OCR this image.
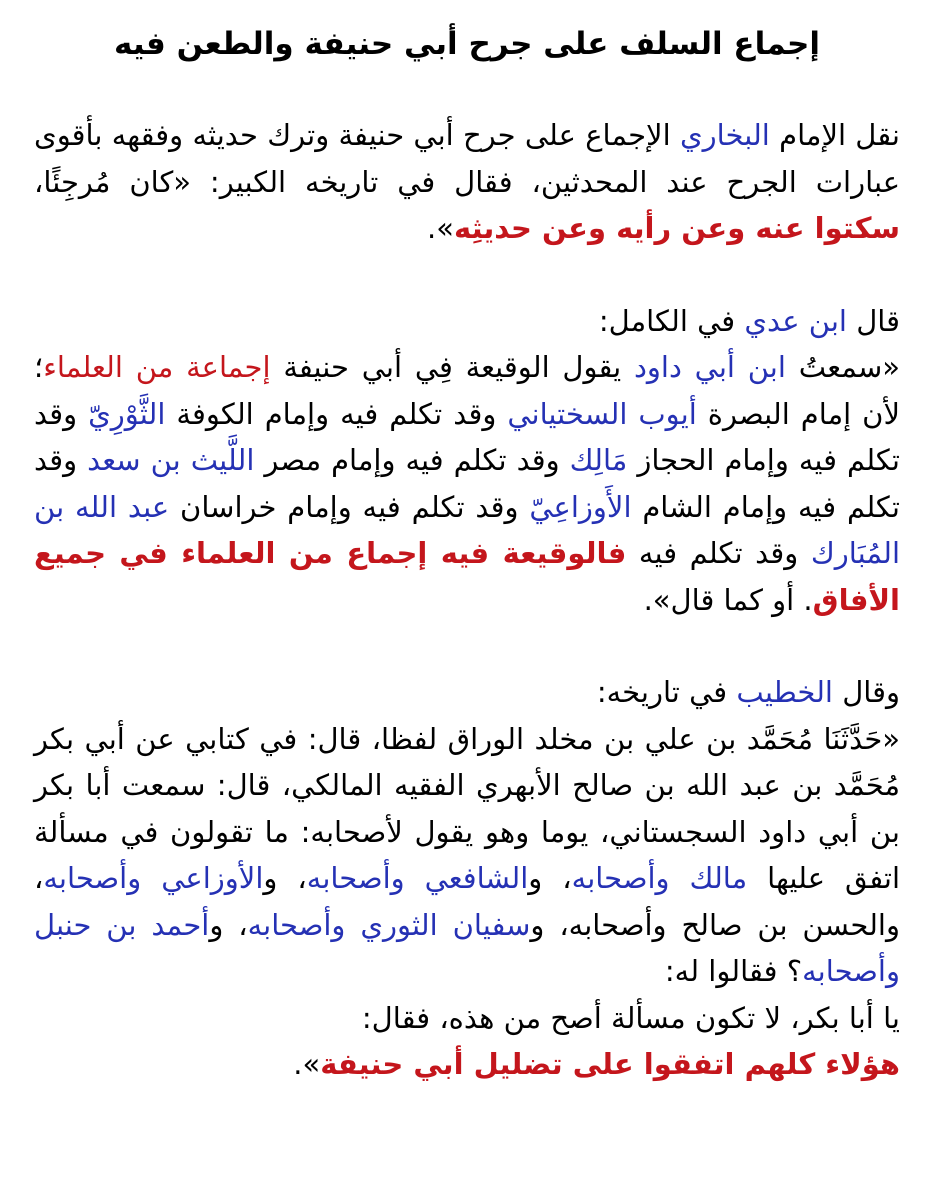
إجماع السلف على جرح أبي حنيفة والطعن فيه

نقل الإمام البخاري الإجماع على جرح أبي حنيفة وترك حديثه وفقهه بأقوى عبارات الجرح عند المحدثين، فقال في تاريخه الكبير: «كان مُرجِئًا، سكتوا عنه وعن رأيه وعن حديثِه».

قال ابن عدي في الكامل:
«سمعتُ ابن أبي داود يقول الوقيعة فِي أبي حنيفة إجماعة من العلماء؛ لأن إمام البصرة أيوب السختياني وقد تكلم فيه وإمام الكوفة الثَّوْرِيّ وقد تكلم فيه وإمام الحجاز مَالِك وقد تكلم فيه وإمام مصر اللَّيث بن سعد وقد تكلم فيه وإمام الشام الأَوزاعِيّ وقد تكلم فيه وإمام خراسان عبد الله بن المُبَارك وقد تكلم فيه فالوقيعة فيه إجماع من العلماء في جميع الأفاق. أو كما قال».

وقال الخطيب في تاريخه:
«حَدَّثَنَا مُحَمَّد بن علي بن مخلد الوراق لفظا، قال: في كتابي عن أبي بكر مُحَمَّد بن عبد الله بن صالح الأبهري الفقيه المالكي، قال: سمعت أبا بكر بن أبي داود السجستاني، يوما وهو يقول لأصحابه: ما تقولون في مسألة اتفق عليها مالك وأصحابه، والشافعي وأصحابه، والأوزاعي وأصحابه، والحسن بن صالح وأصحابه، وسفيان الثوري وأصحابه، وأحمد بن حنبل وأصحابه؟ فقالوا له:
يا أبا بكر، لا تكون مسألة أصح من هذه، فقال:
هؤلاء كلهم اتفقوا على تضليل أبي حنيفة».
